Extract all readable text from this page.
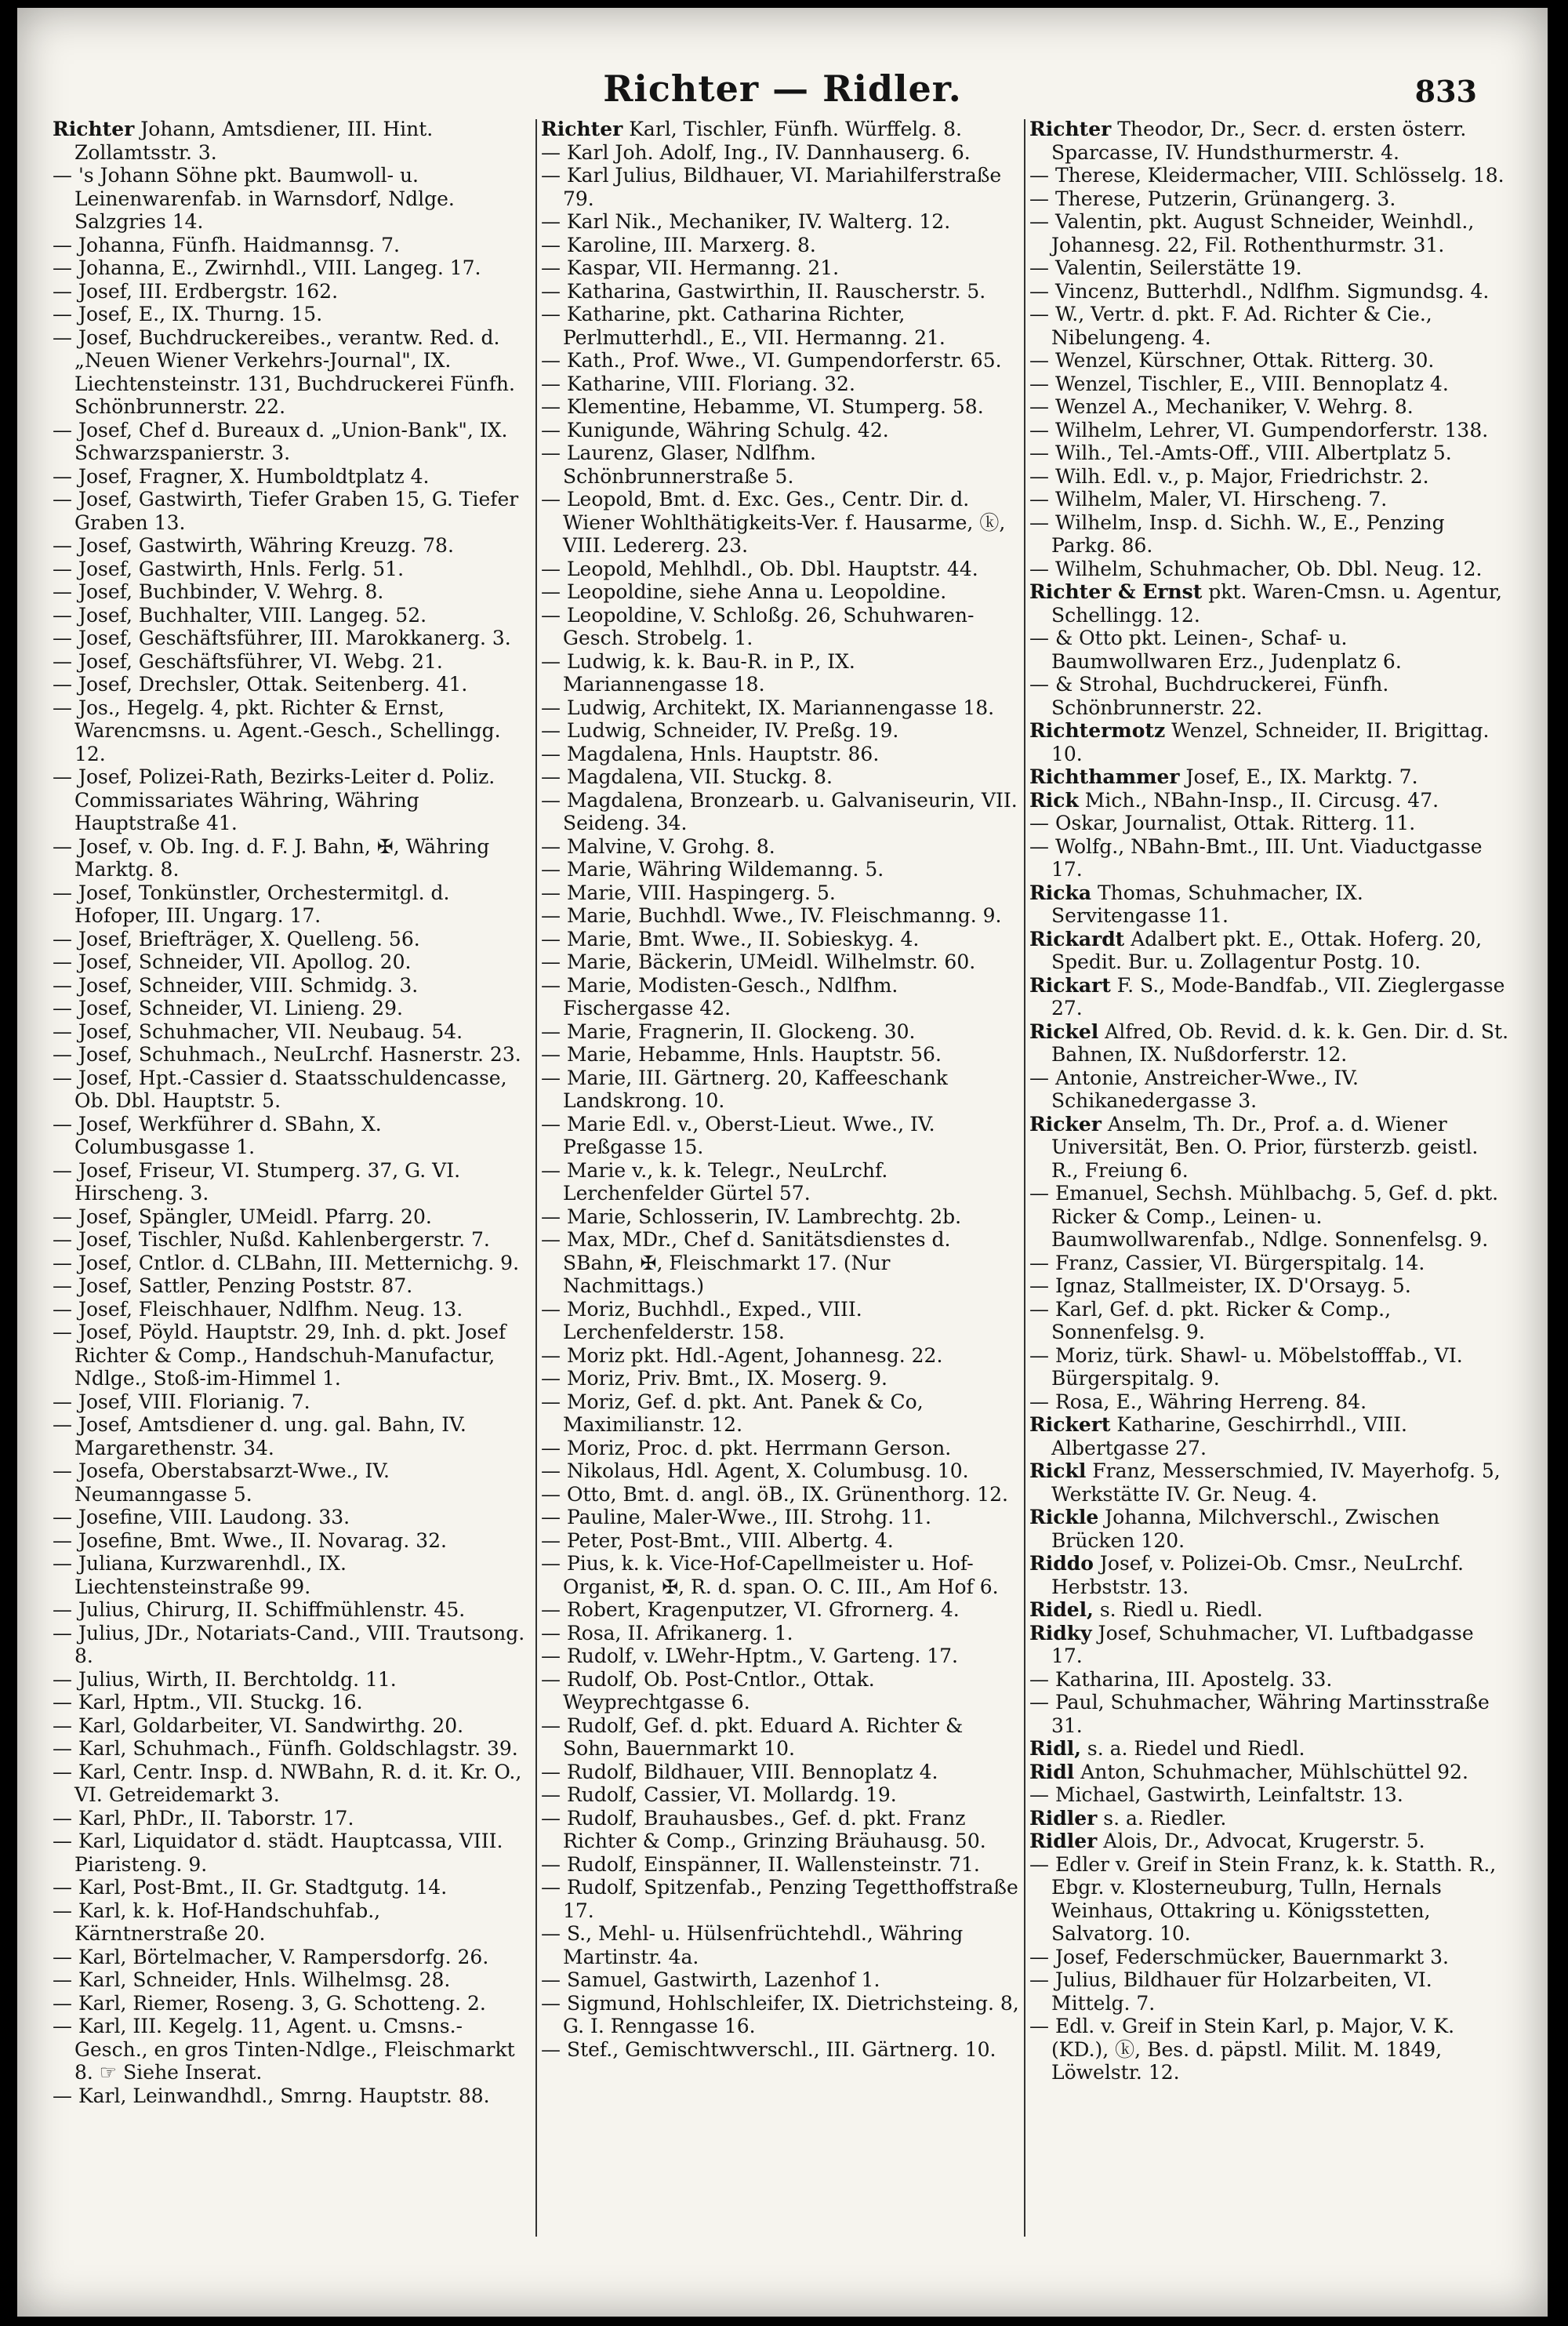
Richter — Ridler.	833

Richter Johann, Amtsdiener, III. Hint. Zollamtsstr. 3.

— 's Johann Söhne pkt. Baumwoll- u. Leinenwarenfab. in Warnsdorf, Ndlge. Salzgries 14.

— Johanna, Fünfh. Haidmannsg. 7.

— Johanna, E., Zwirnhdl., VIII. Langeg. 17.

— Josef, III. Erdbergstr. 162.

— Josef, E., IX. Thurng. 15.

— Josef, Buchdruckereibes., verantw. Red. d. „Neuen Wiener Verkehrs-Journal", IX. Liechtensteinstr. 131, Buchdruckerei Fünfh. Schönbrunnerstr. 22.

— Josef, Chef d. Bureaux d. „Union-Bank", IX. Schwarzspanierstr. 3.

— Josef, Fragner, X. Humboldtplatz 4.

— Josef, Gastwirth, Tiefer Graben 15, G. Tiefer Graben 13.

— Josef, Gastwirth, Währing Kreuzg. 78.

— Josef, Gastwirth, Hnls. Ferlg. 51.

— Josef, Buchbinder, V. Wehrg. 8.

— Josef, Buchhalter, VIII. Langeg. 52.

— Josef, Geschäftsführer, III. Marokkanerg. 3.

— Josef, Geschäftsführer, VI. Webg. 21.

— Josef, Drechsler, Ottak. Seitenberg. 41.

— Jos., Hegelg. 4, pkt. Richter & Ernst, Warencmsns. u. Agent.-Gesch., Schellingg. 12.

— Josef, Polizei-Rath, Bezirks-Leiter d. Poliz. Commissariates Währing, Währing Hauptstraße 41.

— Josef, v. Ob. Ing. d. F. J. Bahn, ✠, Währing Marktg. 8.

— Josef, Tonkünstler, Orchestermitgl. d. Hofoper, III. Ungarg. 17.

— Josef, Briefträger, X. Quelleng. 56.

— Josef, Schneider, VII. Apollog. 20.

— Josef, Schneider, VIII. Schmidg. 3.

— Josef, Schneider, VI. Linieng. 29.

— Josef, Schuhmacher, VII. Neubaug. 54.

— Josef, Schuhmach., NeuLrchf. Hasnerstr. 23.

— Josef, Hpt.-Cassier d. Staatsschuldencasse, Ob. Dbl. Hauptstr. 5.

— Josef, Werkführer d. SBahn, X. Columbusgasse 1.

— Josef, Friseur, VI. Stumperg. 37, G. VI. Hirscheng. 3.

— Josef, Spängler, UMeidl. Pfarrg. 20.

— Josef, Tischler, Nußd. Kahlenbergerstr. 7.

— Josef, Cntlor. d. CLBahn, III. Metternichg. 9.

— Josef, Sattler, Penzing Poststr. 87.

— Josef, Fleischhauer, Ndlfhm. Neug. 13.

— Josef, Pöyld. Hauptstr. 29, Inh. d. pkt. Josef Richter & Comp., Handschuh-Manufactur, Ndlge., Stoß-im-Himmel 1.

— Josef, VIII. Florianig. 7.

— Josef, Amtsdiener d. ung. gal. Bahn, IV. Margarethenstr. 34.

— Josefa, Oberstabsarzt-Wwe., IV. Neumanngasse 5.

— Josefine, VIII. Laudong. 33.

— Josefine, Bmt. Wwe., II. Novarag. 32.

— Juliana, Kurzwarenhdl., IX. Liechtensteinstraße 99.

— Julius, Chirurg, II. Schiffmühlenstr. 45.

— Julius, JDr., Notariats-Cand., VIII. Trautsong. 8.

— Julius, Wirth, II. Berchtoldg. 11.

— Karl, Hptm., VII. Stuckg. 16.

— Karl, Goldarbeiter, VI. Sandwirthg. 20.

— Karl, Schuhmach., Fünfh. Goldschlagstr. 39.

— Karl, Centr. Insp. d. NWBahn, R. d. it. Kr. O., VI. Getreidemarkt 3.

— Karl, PhDr., II. Taborstr. 17.

— Karl, Liquidator d. städt. Hauptcassa, VIII. Piaristeng. 9.

— Karl, Post-Bmt., II. Gr. Stadtgutg. 14.

— Karl, k. k. Hof-Handschuhfab., Kärntnerstraße 20.

— Karl, Börtelmacher, V. Rampersdorfg. 26.

— Karl, Schneider, Hnls. Wilhelmsg. 28.

— Karl, Riemer, Roseng. 3, G. Schotteng. 2.

— Karl, III. Kegelg. 11, Agent. u. Cmsns.-Gesch., en gros Tinten-Ndlge., Fleischmarkt 8. ☞ Siehe Inserat.

— Karl, Leinwandhdl., Smrng. Hauptstr. 88.

Richter Karl, Tischler, Fünfh. Würffelg. 8.

— Karl Joh. Adolf, Ing., IV. Dannhauserg. 6.

— Karl Julius, Bildhauer, VI. Mariahilferstraße 79.

— Karl Nik., Mechaniker, IV. Walterg. 12.

— Karoline, III. Marxerg. 8.

— Kaspar, VII. Hermanng. 21.

— Katharina, Gastwirthin, II. Rauscherstr. 5.

— Katharine, pkt. Catharina Richter, Perlmutterhdl., E., VII. Hermanng. 21.

— Kath., Prof. Wwe., VI. Gumpendorferstr. 65.

— Katharine, VIII. Floriang. 32.

— Klementine, Hebamme, VI. Stumperg. 58.

— Kunigunde, Währing Schulg. 42.

— Laurenz, Glaser, Ndlfhm. Schönbrunnerstraße 5.

— Leopold, Bmt. d. Exc. Ges., Centr. Dir. d. Wiener Wohlthätigkeits-Ver. f. Hausarme, ⓚ, VIII. Ledererg. 23.

— Leopold, Mehlhdl., Ob. Dbl. Hauptstr. 44.

— Leopoldine, siehe Anna u. Leopoldine.

— Leopoldine, V. Schloßg. 26, Schuhwaren-Gesch. Strobelg. 1.

— Ludwig, k. k. Bau-R. in P., IX. Mariannengasse 18.

— Ludwig, Architekt, IX. Mariannengasse 18.

— Ludwig, Schneider, IV. Preßg. 19.

— Magdalena, Hnls. Hauptstr. 86.

— Magdalena, VII. Stuckg. 8.

— Magdalena, Bronzearb. u. Galvaniseurin, VII. Seideng. 34.

— Malvine, V. Grohg. 8.

— Marie, Währing Wildemanng. 5.

— Marie, VIII. Haspingerg. 5.

— Marie, Buchhdl. Wwe., IV. Fleischmanng. 9.

— Marie, Bmt. Wwe., II. Sobieskyg. 4.

— Marie, Bäckerin, UMeidl. Wilhelmstr. 60.

— Marie, Modisten-Gesch., Ndlfhm. Fischergasse 42.

— Marie, Fragnerin, II. Glockeng. 30.

— Marie, Hebamme, Hnls. Hauptstr. 56.

— Marie, III. Gärtnerg. 20, Kaffeeschank Landskrong. 10.

— Marie Edl. v., Oberst-Lieut. Wwe., IV. Preßgasse 15.

— Marie v., k. k. Telegr., NeuLrchf. Lerchenfelder Gürtel 57.

— Marie, Schlosserin, IV. Lambrechtg. 2b.

— Max, MDr., Chef d. Sanitätsdienstes d. SBahn, ✠, Fleischmarkt 17. (Nur Nachmittags.)

— Moriz, Buchhdl., Exped., VIII. Lerchenfelderstr. 158.

— Moriz pkt. Hdl.-Agent, Johannesg. 22.

— Moriz, Priv. Bmt., IX. Moserg. 9.

— Moriz, Gef. d. pkt. Ant. Panek & Co, Maximilianstr. 12.

— Moriz, Proc. d. pkt. Herrmann Gerson.

— Nikolaus, Hdl. Agent, X. Columbusg. 10.

— Otto, Bmt. d. angl. öB., IX. Grünenthorg. 12.

— Pauline, Maler-Wwe., III. Strohg. 11.

— Peter, Post-Bmt., VIII. Albertg. 4.

— Pius, k. k. Vice-Hof-Capellmeister u. Hof-Organist, ✠, R. d. span. O. C. III., Am Hof 6.

— Robert, Kragenputzer, VI. Gfrornerg. 4.

— Rosa, II. Afrikanerg. 1.

— Rudolf, v. LWehr-Hptm., V. Garteng. 17.

— Rudolf, Ob. Post-Cntlor., Ottak. Weyprechtgasse 6.

— Rudolf, Gef. d. pkt. Eduard A. Richter & Sohn, Bauernmarkt 10.

— Rudolf, Bildhauer, VIII. Bennoplatz 4.

— Rudolf, Cassier, VI. Mollardg. 19.

— Rudolf, Brauhausbes., Gef. d. pkt. Franz Richter & Comp., Grinzing Bräuhausg. 50.

— Rudolf, Einspänner, II. Wallensteinstr. 71.

— Rudolf, Spitzenfab., Penzing Tegetthoffstraße 17.

— S., Mehl- u. Hülsenfrüchtehdl., Währing Martinstr. 4a.

— Samuel, Gastwirth, Lazenhof 1.

— Sigmund, Hohlschleifer, IX. Dietrichsteing. 8, G. I. Renngasse 16.

— Stef., Gemischtwverschl., III. Gärtnerg. 10.

Richter Theodor, Dr., Secr. d. ersten österr. Sparcasse, IV. Hundsthurmerstr. 4.

— Therese, Kleidermacher, VIII. Schlösselg. 18.

— Therese, Putzerin, Grünangerg. 3.

— Valentin, pkt. August Schneider, Weinhdl., Johannesg. 22, Fil. Rothenthurmstr. 31.

— Valentin, Seilerstätte 19.

— Vincenz, Butterhdl., Ndlfhm. Sigmundsg. 4.

— W., Vertr. d. pkt. F. Ad. Richter & Cie., Nibelungeng. 4.

— Wenzel, Kürschner, Ottak. Ritterg. 30.

— Wenzel, Tischler, E., VIII. Bennoplatz 4.

— Wenzel A., Mechaniker, V. Wehrg. 8.

— Wilhelm, Lehrer, VI. Gumpendorferstr. 138.

— Wilh., Tel.-Amts-Off., VIII. Albertplatz 5.

— Wilh. Edl. v., p. Major, Friedrichstr. 2.

— Wilhelm, Maler, VI. Hirscheng. 7.

— Wilhelm, Insp. d. Sichh. W., E., Penzing Parkg. 86.

— Wilhelm, Schuhmacher, Ob. Dbl. Neug. 12.

Richter & Ernst pkt. Waren-Cmsn. u. Agentur, Schellingg. 12.

— & Otto pkt. Leinen-, Schaf- u. Baumwollwaren Erz., Judenplatz 6.

— & Strohal, Buchdruckerei, Fünfh. Schönbrunnerstr. 22.

Richtermotz Wenzel, Schneider, II. Brigittag. 10.

Richthammer Josef, E., IX. Marktg. 7.

Rick Mich., NBahn-Insp., II. Circusg. 47.

— Oskar, Journalist, Ottak. Ritterg. 11.

— Wolfg., NBahn-Bmt., III. Unt. Viaductgasse 17.

Ricka Thomas, Schuhmacher, IX. Servitengasse 11.

Rickardt Adalbert pkt. E., Ottak. Hoferg. 20, Spedit. Bur. u. Zollagentur Postg. 10.

Rickart F. S., Mode-Bandfab., VII. Zieglergasse 27.

Rickel Alfred, Ob. Revid. d. k. k. Gen. Dir. d. St. Bahnen, IX. Nußdorferstr. 12.

— Antonie, Anstreicher-Wwe., IV. Schikanedergasse 3.

Ricker Anselm, Th. Dr., Prof. a. d. Wiener Universität, Ben. O. Prior, fürsterzb. geistl. R., Freiung 6.

— Emanuel, Sechsh. Mühlbachg. 5, Gef. d. pkt. Ricker & Comp., Leinen- u. Baumwollwarenfab., Ndlge. Sonnenfelsg. 9.

— Franz, Cassier, VI. Bürgerspitalg. 14.

— Ignaz, Stallmeister, IX. D'Orsayg. 5.

— Karl, Gef. d. pkt. Ricker & Comp., Sonnenfelsg. 9.

— Moriz, türk. Shawl- u. Möbelstofffab., VI. Bürgerspitalg. 9.

— Rosa, E., Währing Herreng. 84.

Rickert Katharine, Geschirrhdl., VIII. Albertgasse 27.

Rickl Franz, Messerschmied, IV. Mayerhofg. 5, Werkstätte IV. Gr. Neug. 4.

Rickle Johanna, Milchverschl., Zwischen Brücken 120.

Riddo Josef, v. Polizei-Ob. Cmsr., NeuLrchf. Herbststr. 13.

Ridel, s. Riedl u. Riedl.

Ridky Josef, Schuhmacher, VI. Luftbadgasse 17.

— Katharina, III. Apostelg. 33.

— Paul, Schuhmacher, Währing Martinsstraße 31.

Ridl, s. a. Riedel und Riedl.

Ridl Anton, Schuhmacher, Mühlschüttel 92.

— Michael, Gastwirth, Leinfaltstr. 13.

Ridler s. a. Riedler.

Ridler Alois, Dr., Advocat, Krugerstr. 5.

— Edler v. Greif in Stein Franz, k. k. Statth. R., Ebgr. v. Klosterneuburg, Tulln, Hernals Weinhaus, Ottakring u. Königsstetten, Salvatorg. 10.

— Josef, Federschmücker, Bauernmarkt 3.

— Julius, Bildhauer für Holzarbeiten, VI. Mittelg. 7.

— Edl. v. Greif in Stein Karl, p. Major, V. K. (KD.), ⓚ, Bes. d. päpstl. Milit. M. 1849, Löwelstr. 12.
